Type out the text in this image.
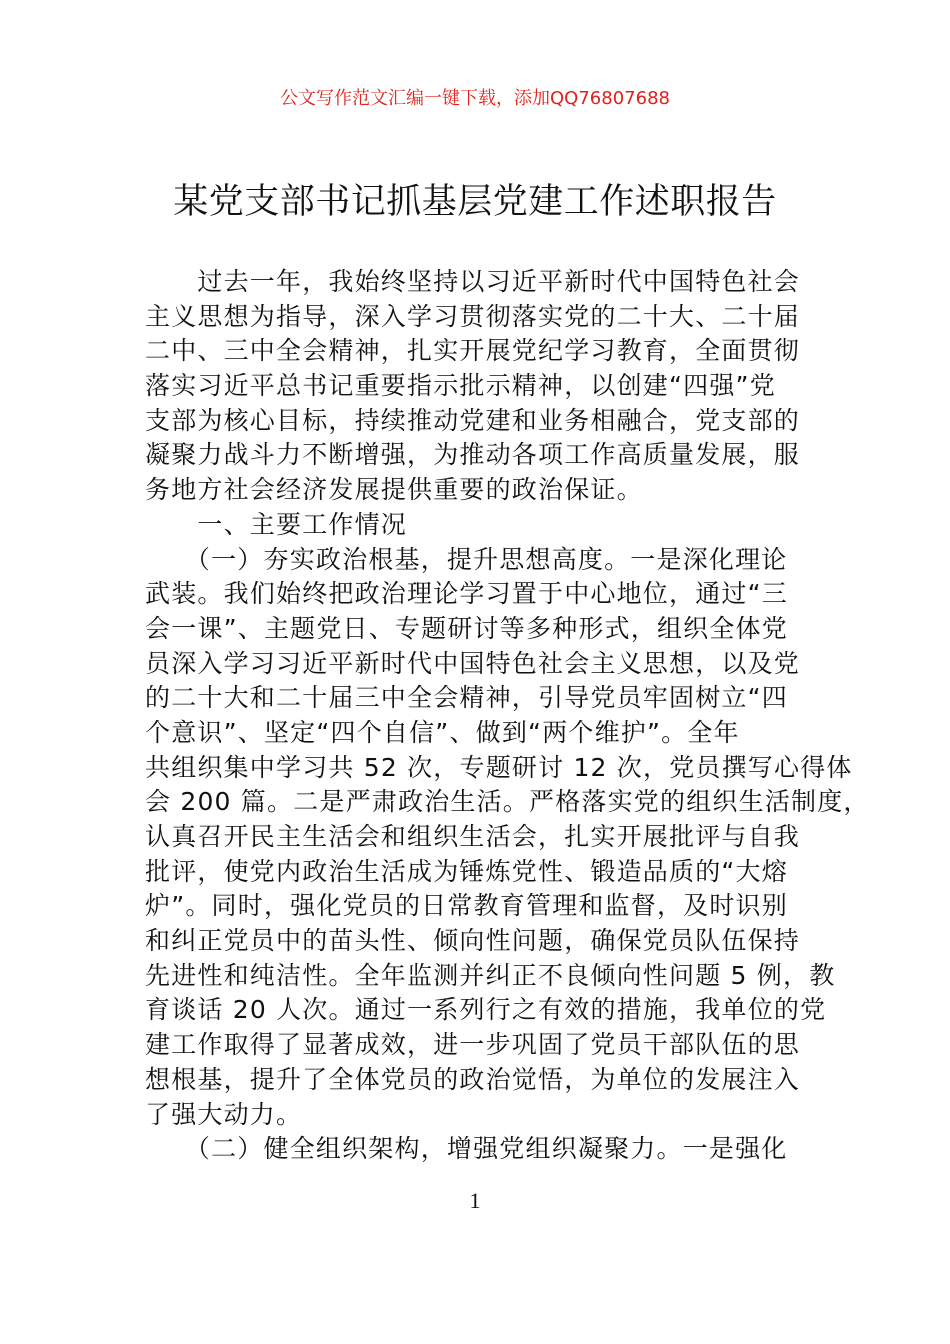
公文写作范文汇编一键下载，添加QQ76807688
某党支部书记抓基层党建工作述职报告
　　过去一年，我始终坚持以习近平新时代中国特色社会
主义思想为指导，深入学习贯彻落实党的二十大、二十届
二中、三中全会精神，扎实开展党纪学习教育，全面贯彻
落实习近平总书记重要指示批示精神，以创建“四强”党
支部为核心目标，持续推动党建和业务相融合，党支部的
凝聚力战斗力不断增强，为推动各项工作高质量发展，服
务地方社会经济发展提供重要的政治保证。
　　一、主要工作情况
　　（一）夯实政治根基，提升思想高度。一是深化理论
武装。我们始终把政治理论学习置于中心地位，通过“三
会一课”、主题党日、专题研讨等多种形式，组织全体党
员深入学习习近平新时代中国特色社会主义思想，以及党
的二十大和二十届三中全会精神，引导党员牢固树立“四
个意识”、坚定“四个自信”、做到“两个维护”。全年
共组织集中学习共 52 次，专题研讨 12 次，党员撰写心得体
会 200 篇。二是严肃政治生活。严格落实党的组织生活制度，
认真召开民主生活会和组织生活会，扎实开展批评与自我
批评，使党内政治生活成为锤炼党性、锻造品质的“大熔
炉”。同时，强化党员的日常教育管理和监督，及时识别
和纠正党员中的苗头性、倾向性问题，确保党员队伍保持
先进性和纯洁性。全年监测并纠正不良倾向性问题 5 例，教
育谈话 20 人次。通过一系列行之有效的措施，我单位的党
建工作取得了显著成效，进一步巩固了党员干部队伍的思
想根基，提升了全体党员的政治觉悟，为单位的发展注入
了强大动力。
　　（二）健全组织架构，增强党组织凝聚力。一是强化
1
